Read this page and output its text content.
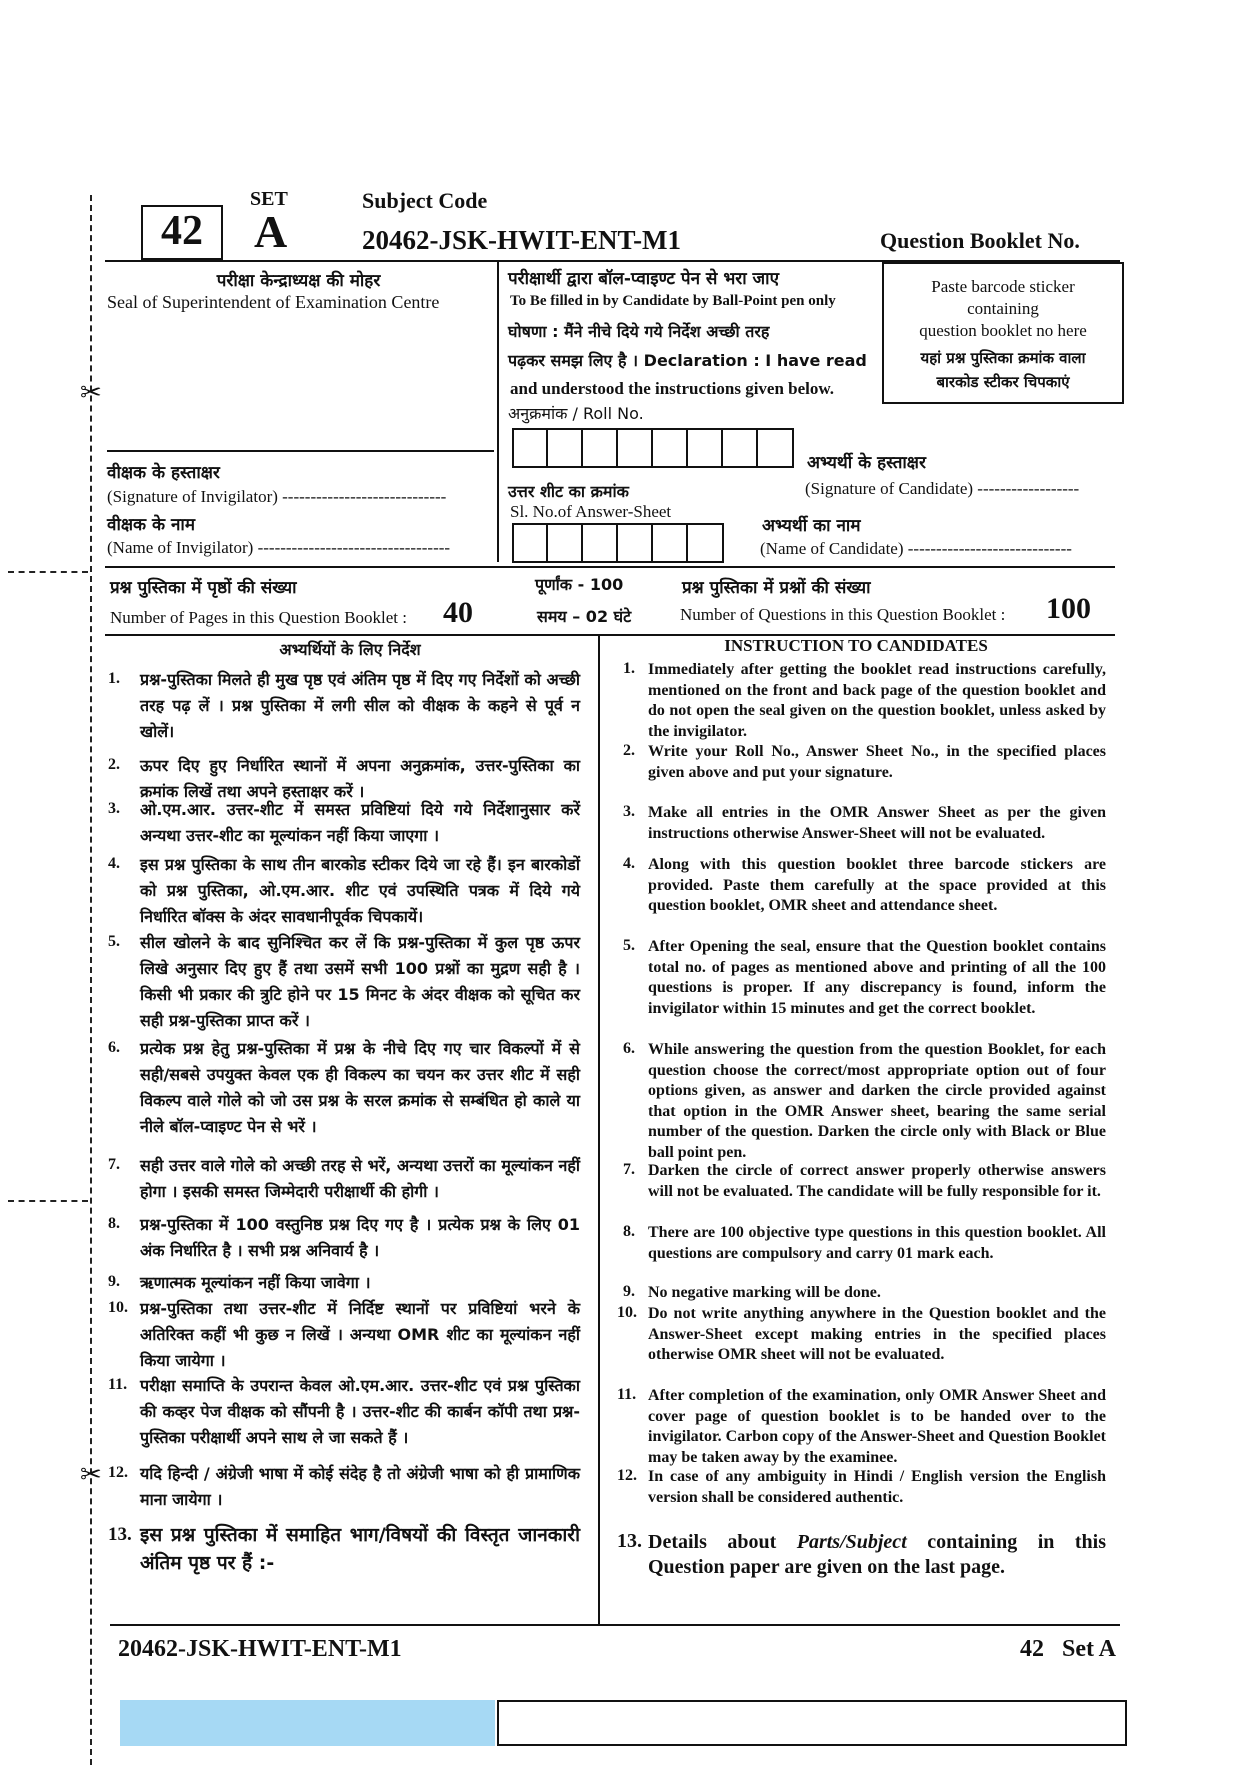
✂
✂
42
SET
A
Subject Code
20462-JSK-HWIT-ENT-M1	Question Booklet No.
परीक्षा केन्द्राध्यक्ष की मोहर
Seal of Superintendent of Examination Centre
परीक्षार्थी द्वारा बॉल-प्वाइण्ट पेन से भरा जाए
To Be filled in by Candidate by Ball-Point pen only
घोषणा : मैंने नीचे दिये गये निर्देश अच्छी तरह
पढ़कर समझ लिए है । Declaration : I have read
and understood the instructions given below.
अनुक्रमांक / Roll No.
उत्तर शीट का क्रमांक
Sl. No.of Answer-Sheet
Paste barcode sticker
containing
question booklet no here
यहां प्रश्न पुस्तिका क्रमांक वाला
बारकोड स्टीकर चिपकाएं
वीक्षक के हस्ताक्षर
(Signature of Invigilator) -----------------------------
वीक्षक के नाम
(Name of Invigilator) ----------------------------------
अभ्यर्थी के हस्ताक्षर
(Signature of Candidate) ------------------
अभ्यर्थी का नाम
(Name of Candidate) -----------------------------
प्रश्न पुस्तिका में पृष्ठों की संख्या
Number of Pages in this Question Booklet : 40
पूर्णांक - 100
समय – 02 घंटे
प्रश्न पुस्तिका में प्रश्नों की संख्या
Number of Questions in this Question Booklet : 100
अभ्यर्थियों के लिए निर्देश	INSTRUCTION TO CANDIDATES
1. प्रश्न-पुस्तिका मिलते ही मुख पृष्ठ एवं अंतिम पृष्ठ में दिए गए निर्देशों को अच्छी तरह पढ़ लें । प्रश्न पुस्तिका में लगी सील को वीक्षक के कहने से पूर्व न खोलें।
2. ऊपर दिए हुए निर्धारित स्थानों में अपना अनुक्रमांक, उत्तर-पुस्तिका का क्रमांक लिखें तथा अपने हस्ताक्षर करें ।
3. ओ.एम.आर. उत्तर-शीट में समस्त प्रविष्टियां दिये गये निर्देशानुसार करें अन्यथा उत्तर-शीट का मूल्यांकन नहीं किया जाएगा ।
4. इस प्रश्न पुस्तिका के साथ तीन बारकोड स्टीकर दिये जा रहे हैं। इन बारकोडों को प्रश्न पुस्तिका, ओ.एम.आर. शीट एवं उपस्थिति पत्रक में दिये गये निर्धारित बॉक्स के अंदर सावधानीपूर्वक चिपकायें।
5. सील खोलने के बाद सुनिश्चित कर लें कि प्रश्न-पुस्तिका में कुल पृष्ठ ऊपर लिखे अनुसार दिए हुए हैं तथा उसमें सभी 100 प्रश्नों का मुद्रण सही है । किसी भी प्रकार की त्रुटि होने पर 15 मिनट के अंदर वीक्षक को सूचित कर सही प्रश्न-पुस्तिका प्राप्त करें ।
6. प्रत्येक प्रश्न हेतु प्रश्न-पुस्तिका में प्रश्न के नीचे दिए गए चार विकल्पों में से सही/सबसे उपयुक्त केवल एक ही विकल्प का चयन कर उत्तर शीट में सही विकल्प वाले गोले को जो उस प्रश्न के सरल क्रमांक से सम्बंधित हो काले या नीले बॉल-प्वाइण्ट पेन से भरें ।
7. सही उत्तर वाले गोले को अच्छी तरह से भरें, अन्यथा उत्तरों का मूल्यांकन नहीं होगा । इसकी समस्त जिम्मेदारी परीक्षार्थी की होगी ।
8. प्रश्न-पुस्तिका में 100 वस्तुनिष्ठ प्रश्न दिए गए है । प्रत्येक प्रश्न के लिए 01 अंक निर्धारित है । सभी प्रश्न अनिवार्य है ।
9. ऋणात्मक मूल्यांकन नहीं किया जावेगा ।
10. प्रश्न-पुस्तिका तथा उत्तर-शीट में निर्दिष्ट स्थानों पर प्रविष्टियां भरने के अतिरिक्त कहीं भी कुछ न लिखें । अन्यथा OMR शीट का मूल्यांकन नहीं किया जायेगा ।
11. परीक्षा समाप्ति के उपरान्त केवल ओ.एम.आर. उत्तर-शीट एवं प्रश्न पुस्तिका की कव्हर पेज वीक्षक को सौंपनी है । उत्तर-शीट की कार्बन कॉपी तथा प्रश्न-पुस्तिका परीक्षार्थी अपने साथ ले जा सकते हैं ।
12. यदि हिन्दी / अंग्रेजी भाषा में कोई संदेह है तो अंग्रेजी भाषा को ही प्रामाणिक माना जायेगा ।
13. इस प्रश्न पुस्तिका में समाहित भाग/विषयों की विस्तृत जानकारी अंतिम पृष्ठ पर हैं :-
1. Immediately after getting the booklet read instructions carefully, mentioned on the front and back page of the question booklet and do not open the seal given on the question booklet, unless asked by the invigilator.
2. Write your Roll No., Answer Sheet No., in the specified places given above and put your signature.
3. Make all entries in the OMR Answer Sheet as per the given instructions otherwise Answer-Sheet will not be evaluated.
4. Along with this question booklet three barcode stickers are provided. Paste them carefully at the space provided at this question booklet, OMR sheet and attendance sheet.
5. After Opening the seal, ensure that the Question booklet contains total no. of pages as mentioned above and printing of all the 100 questions is proper. If any discrepancy is found, inform the invigilator within 15 minutes and get the correct booklet.
6. While answering the question from the question Booklet, for each question choose the correct/most appropriate option out of four options given, as answer and darken the circle provided against that option in the OMR Answer sheet, bearing the same serial number of the question. Darken the circle only with Black or Blue ball point pen.
7. Darken the circle of correct answer properly otherwise answers will not be evaluated. The candidate will be fully responsible for it.
8. There are 100 objective type questions in this question booklet. All questions are compulsory and carry 01 mark each.
9. No negative marking will be done.
10. Do not write anything anywhere in the Question booklet and the Answer-Sheet except making entries in the specified places otherwise OMR sheet will not be evaluated.
11. After completion of the examination, only OMR Answer Sheet and cover page of question booklet is to be handed over to the invigilator. Carbon copy of the Answer-Sheet and Question Booklet may be taken away by the examinee.
12. In case of any ambiguity in Hindi / English version the English version shall be considered authentic.
13. Details about Parts/Subject containing in this Question paper are given on the last page.
20462-JSK-HWIT-ENT-M1	42   Set A
